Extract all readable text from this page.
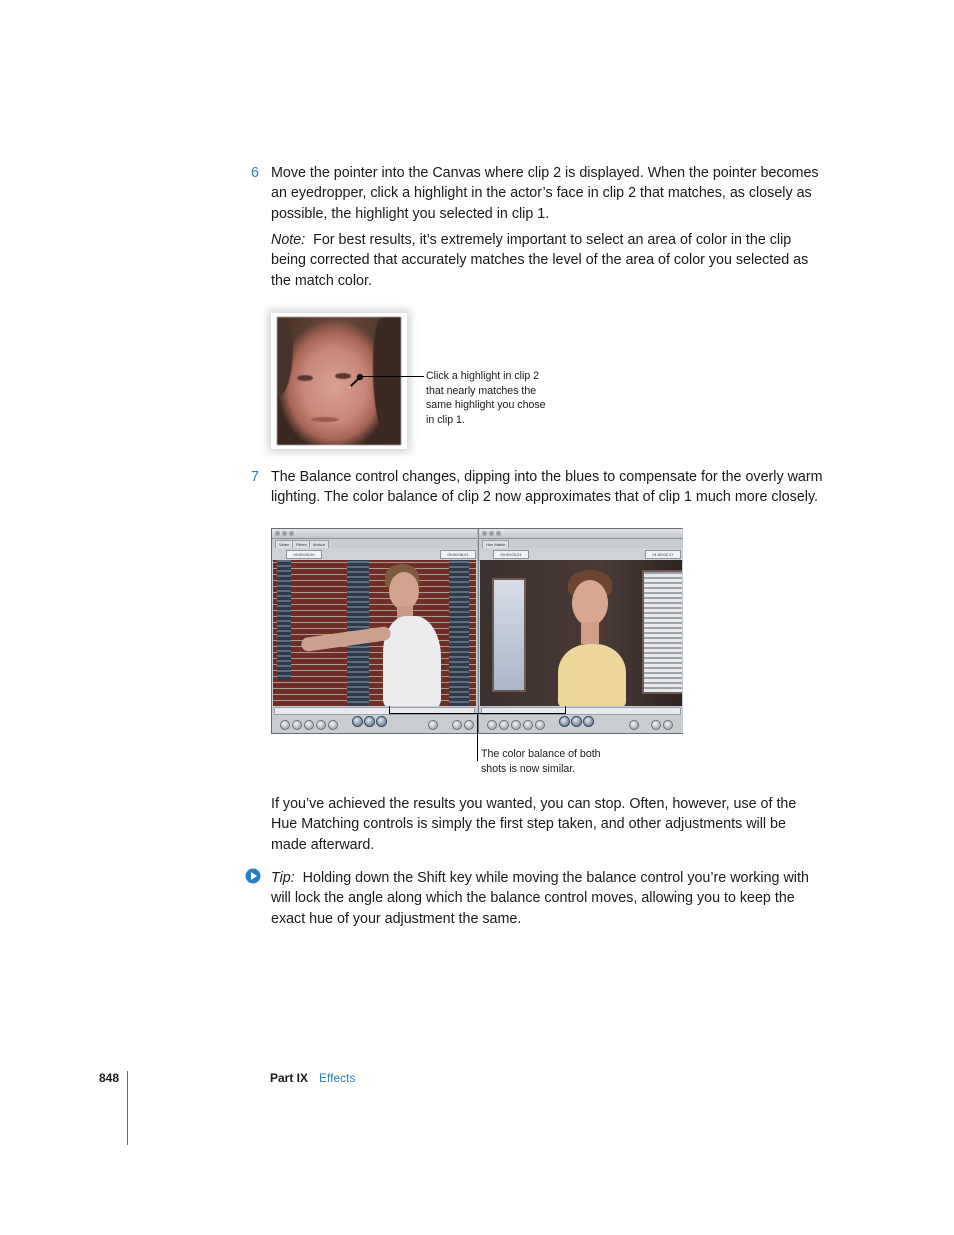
6 Move the pointer into the Canvas where clip 2 is displayed. When the pointer becomes an eyedropper, click a highlight in the actor’s face in clip 2 that matches, as closely as possible, the highlight you selected in clip 1.

Note: For best results, it’s extremely important to select an area of color in the clip being corrected that accurately matches the level of the area of color you selected as the match color.

Click a highlight in clip 2 that nearly matches the same highlight you chose in clip 1.

7 The Balance control changes, dipping into the blues to compensate for the overly warm lighting. The color balance of clip 2 now approximates that of clip 1 much more closely.

Video	Filters	Motion
00:00:00;00	00:00:08;01
Hue Match
00:00:03;24	01:00:02;17

The color balance of both shots is now similar.

If you’ve achieved the results you wanted, you can stop. Often, however, use of the Hue Matching controls is simply the first step taken, and other adjustments will be made afterward.

Tip: Holding down the Shift key while moving the balance control you’re working with will lock the angle along which the balance control moves, allowing you to keep the exact hue of your adjustment the same.

848	Part IX Effects
